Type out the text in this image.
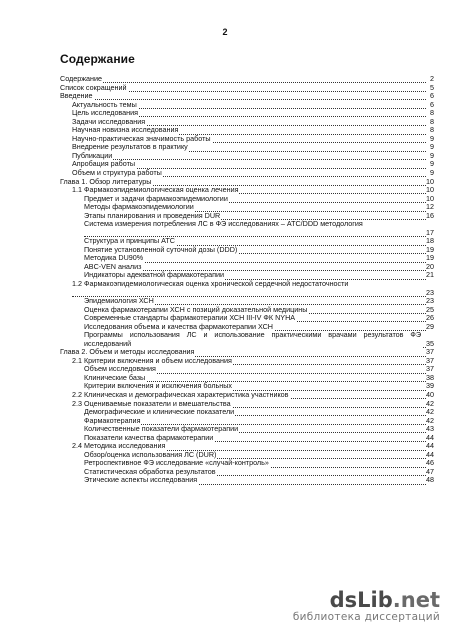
2
Содержание
Содержание	2
Список сокращений	5
Введение	6
Актуальность темы	6
Цель исследования	8
Задачи исследования	8
Научная новизна исследования	8
Научно-практическая значимость работы	9
Внедрение результатов в практику	9
Публикации	9
Апробация работы	9
Объем и структура работы	9
Глава 1. Обзор литературы	10
1.1 Фармакоэпидемиологическая оценка лечения	10
Предмет и задачи фармакоэпидемиологии	10
Методы фармакоэпидемиологии	12
Этапы планирования и проведения DUR	16
Система измерения потребления ЛС в ФЭ исследованиях – ATC/DDD методология
17
Структура и принципы АТС	18
Понятие установленной суточной дозы (DDD)	19
Методика DU90%	19
ABC-VEN анализ	20
Индикаторы адекватной фармакотерапии	21
1.2 Фармакоэпидемиологическая оценка хронической сердечной недостаточности
23
Эпидемиология ХСН	23
Оценка фармакотерапии ХСН с позиций доказательной медицины	25
Современные стандарты фармакотерапии ХСН III-IV ФК NYHA	26
Исследования объема и качества фармакотерапии ХСН	29
Программы использования ЛС и использование практическими врачами результатов ФЭ исследований	35
Глава 2. Объем и методы исследования	37
2.1 Критерии включения и объем исследования	37
Объем исследования	37
Клинические базы	38
Критерии включения и исключения больных	39
2.2 Клиническая и демографическая характеристика участников	40
2.3 Оцениваемые показатели и вмешательства	42
Демографические и клинические показатели	42
Фармакотерапия	42
Количественные показатели фармакотерапии	43
Показатели качества фармакотерапии	44
2.4 Методика исследования	44
Обзор/оценка использования ЛС (DUR)	44
Ретроспективное ФЭ исследование «случай-контроль»	46
Статистическая обработка результатов	47
Этические аспекты исследования	48
dsLib.net
библиотека диссертаций
